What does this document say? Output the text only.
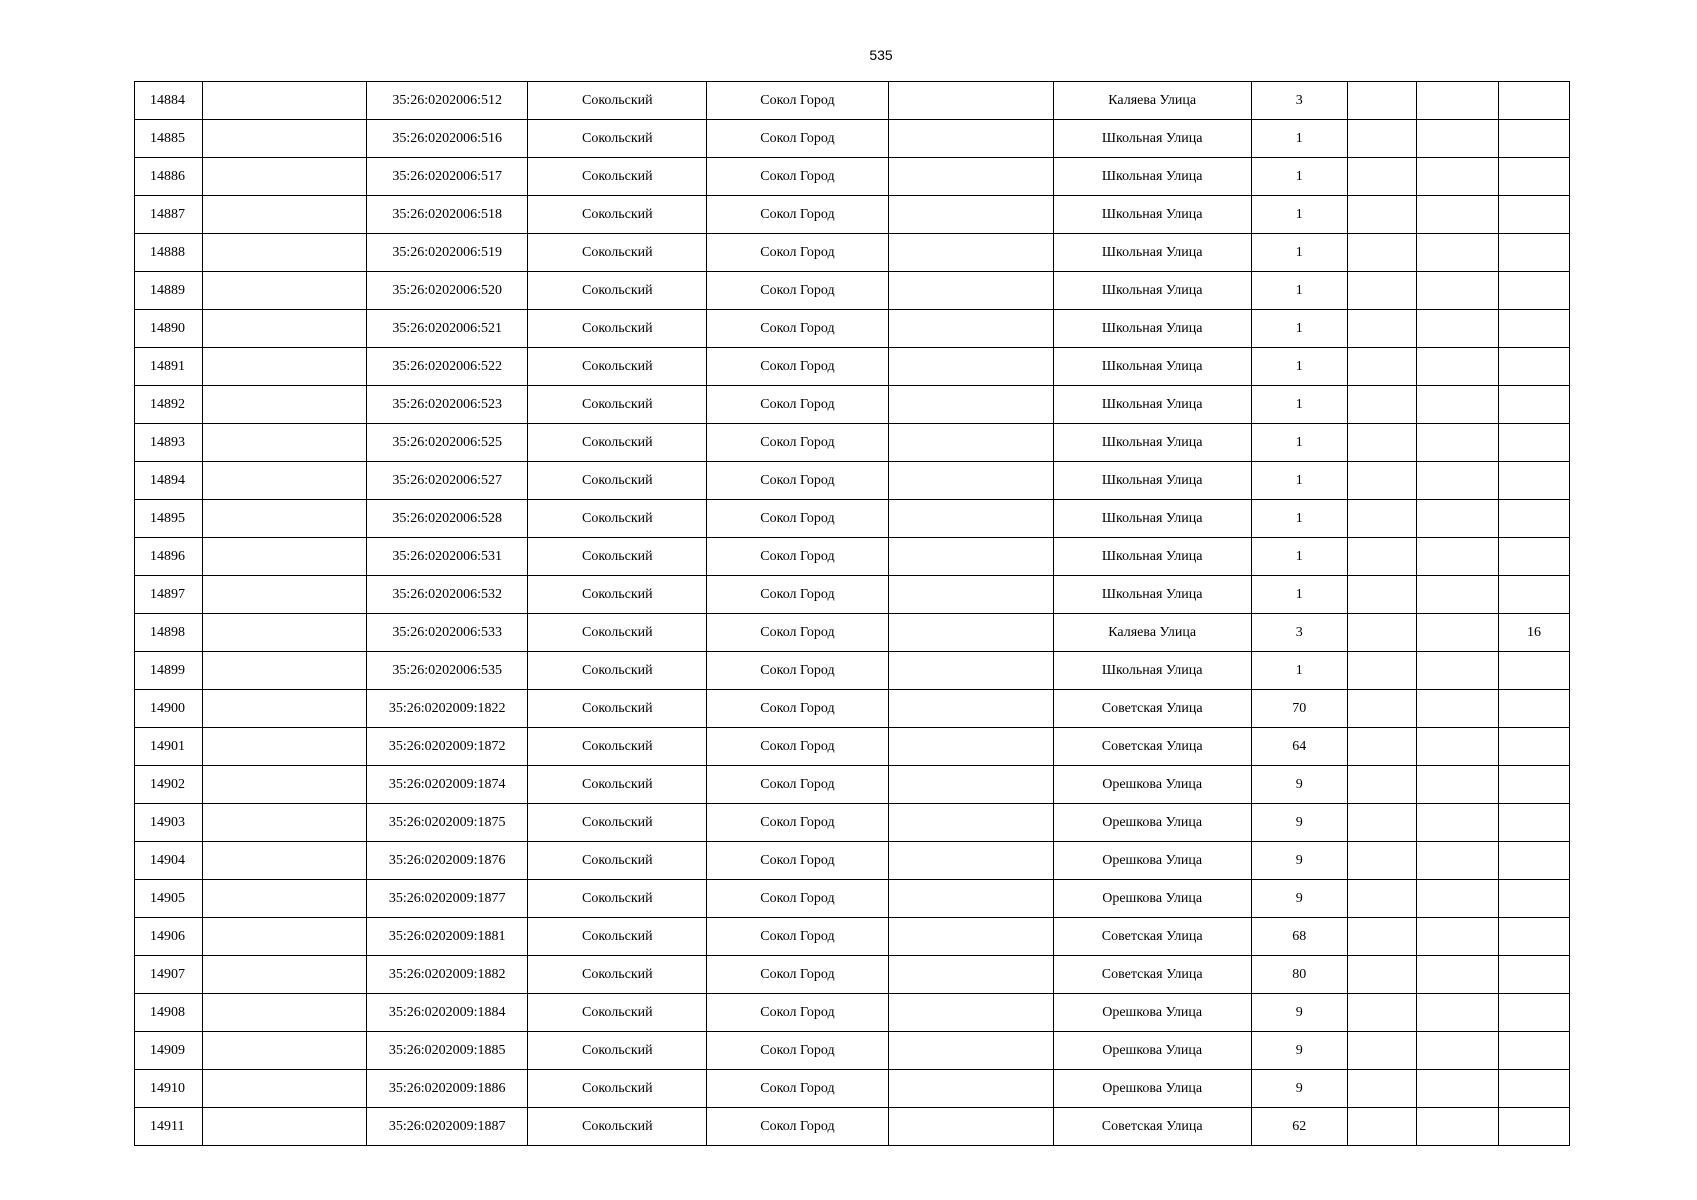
535
14884		35:26:0202006:512	Сокольский	Сокол Город		Каляева Улица	3			
14885		35:26:0202006:516	Сокольский	Сокол Город		Школьная Улица	1			
14886		35:26:0202006:517	Сокольский	Сокол Город		Школьная Улица	1			
14887		35:26:0202006:518	Сокольский	Сокол Город		Школьная Улица	1			
14888		35:26:0202006:519	Сокольский	Сокол Город		Школьная Улица	1			
14889		35:26:0202006:520	Сокольский	Сокол Город		Школьная Улица	1			
14890		35:26:0202006:521	Сокольский	Сокол Город		Школьная Улица	1			
14891		35:26:0202006:522	Сокольский	Сокол Город		Школьная Улица	1			
14892		35:26:0202006:523	Сокольский	Сокол Город		Школьная Улица	1			
14893		35:26:0202006:525	Сокольский	Сокол Город		Школьная Улица	1			
14894		35:26:0202006:527	Сокольский	Сокол Город		Школьная Улица	1			
14895		35:26:0202006:528	Сокольский	Сокол Город		Школьная Улица	1			
14896		35:26:0202006:531	Сокольский	Сокол Город		Школьная Улица	1			
14897		35:26:0202006:532	Сокольский	Сокол Город		Школьная Улица	1			
14898		35:26:0202006:533	Сокольский	Сокол Город		Каляева Улица	3			16
14899		35:26:0202006:535	Сокольский	Сокол Город		Школьная Улица	1			
14900		35:26:0202009:1822	Сокольский	Сокол Город		Советская Улица	70			
14901		35:26:0202009:1872	Сокольский	Сокол Город		Советская Улица	64			
14902		35:26:0202009:1874	Сокольский	Сокол Город		Орешкова Улица	9			
14903		35:26:0202009:1875	Сокольский	Сокол Город		Орешкова Улица	9			
14904		35:26:0202009:1876	Сокольский	Сокол Город		Орешкова Улица	9			
14905		35:26:0202009:1877	Сокольский	Сокол Город		Орешкова Улица	9			
14906		35:26:0202009:1881	Сокольский	Сокол Город		Советская Улица	68			
14907		35:26:0202009:1882	Сокольский	Сокол Город		Советская Улица	80			
14908		35:26:0202009:1884	Сокольский	Сокол Город		Орешкова Улица	9			
14909		35:26:0202009:1885	Сокольский	Сокол Город		Орешкова Улица	9			
14910		35:26:0202009:1886	Сокольский	Сокол Город		Орешкова Улица	9			
14911		35:26:0202009:1887	Сокольский	Сокол Город		Советская Улица	62			
